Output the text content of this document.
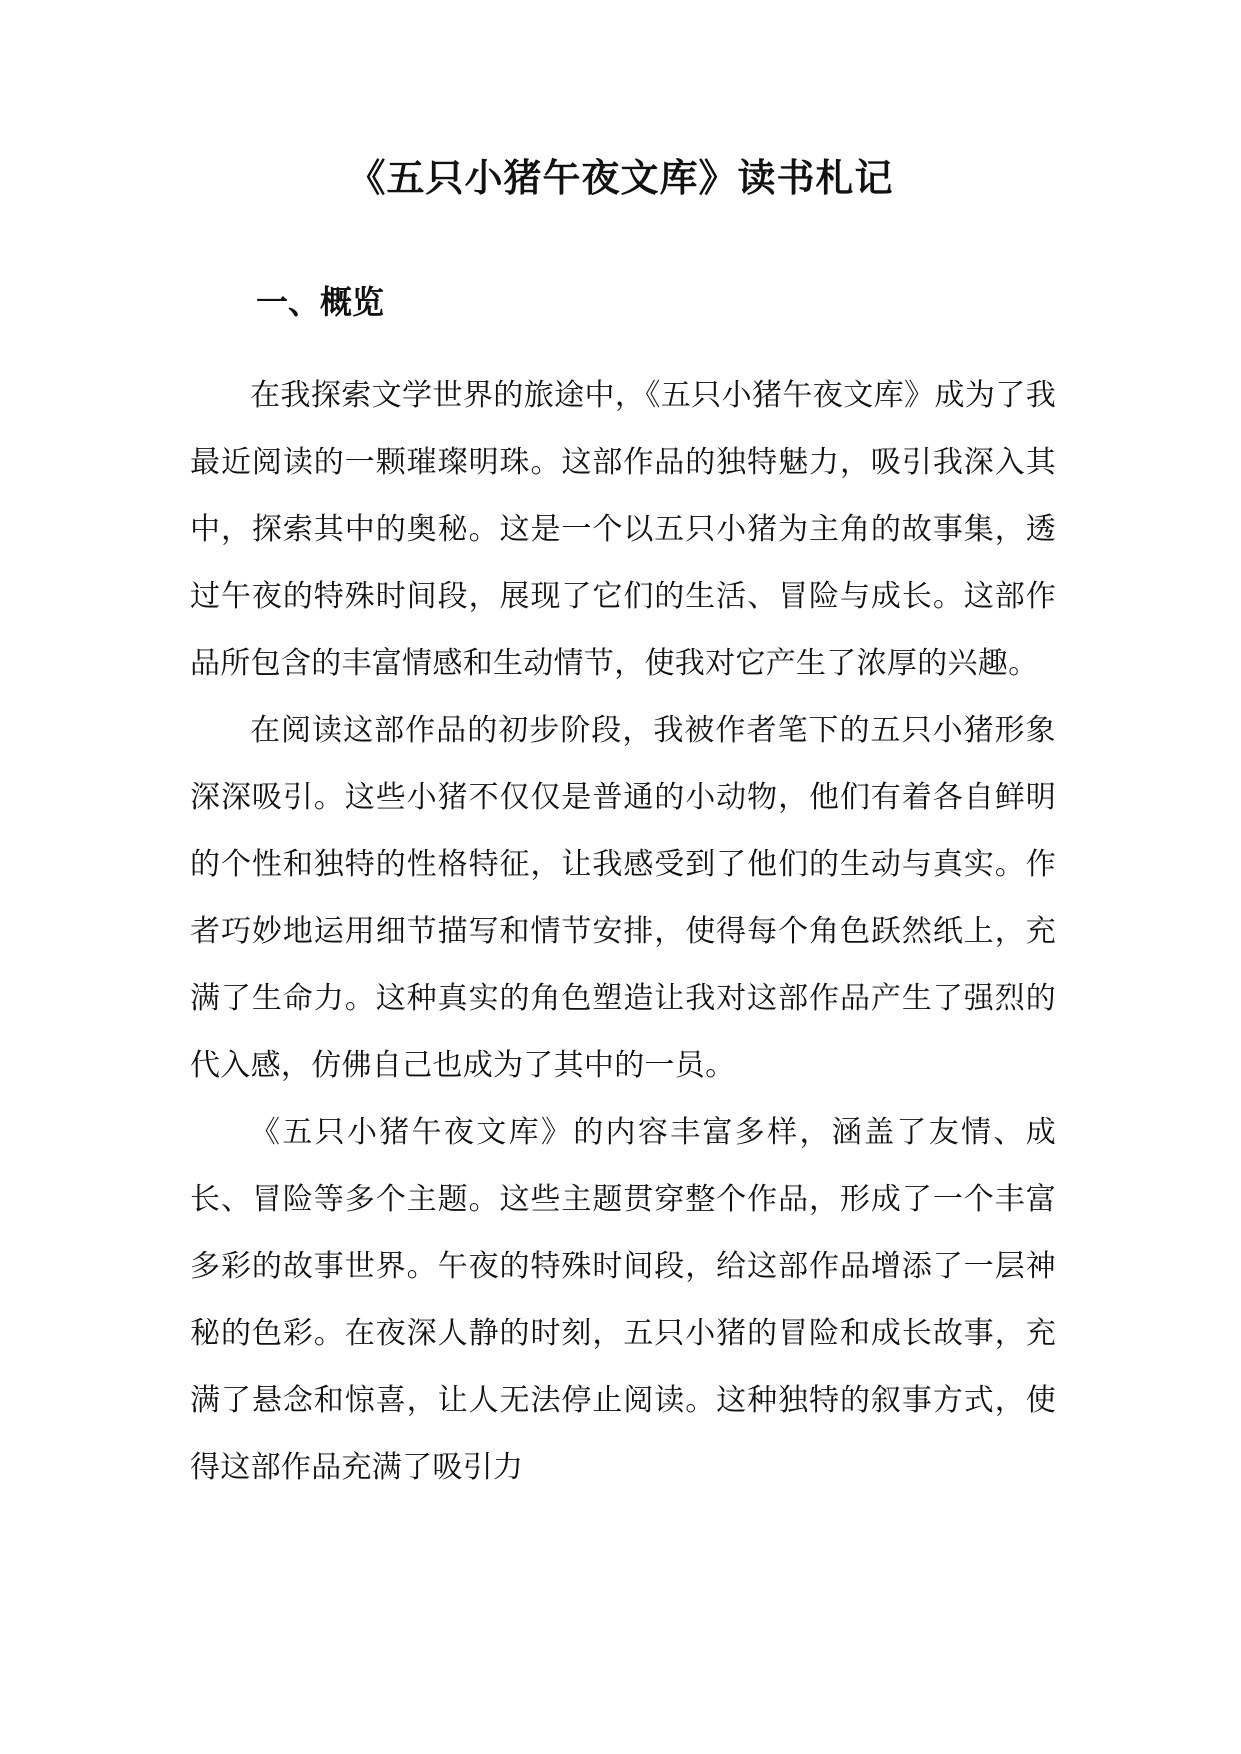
《五只小猪午夜文库》读书札记
一、概览

在我探索文学世界的旅途中，《五只小猪午夜文库》成为了我最近阅读的一颗璀璨明珠。这部作品的独特魅力，吸引我深入其中，探索其中的奥秘。这是一个以五只小猪为主角的故事集，透过午夜的特殊时间段，展现了它们的生活、冒险与成长。这部作品所包含的丰富情感和生动情节，使我对它产生了浓厚的兴趣。

在阅读这部作品的初步阶段，我被作者笔下的五只小猪形象深深吸引。这些小猪不仅仅是普通的小动物，他们有着各自鲜明的个性和独特的性格特征，让我感受到了他们的生动与真实。作者巧妙地运用细节描写和情节安排，使得每个角色跃然纸上，充满了生命力。这种真实的角色塑造让我对这部作品产生了强烈的代入感，仿佛自己也成为了其中的一员。

《五只小猪午夜文库》的内容丰富多样，涵盖了友情、成长、冒险等多个主题。这些主题贯穿整个作品，形成了一个丰富多彩的故事世界。午夜的特殊时间段，给这部作品增添了一层神秘的色彩。在夜深人静的时刻，五只小猪的冒险和成长故事，充满了悬念和惊喜，让人无法停止阅读。这种独特的叙事方式，使得这部作品充满了吸引力
